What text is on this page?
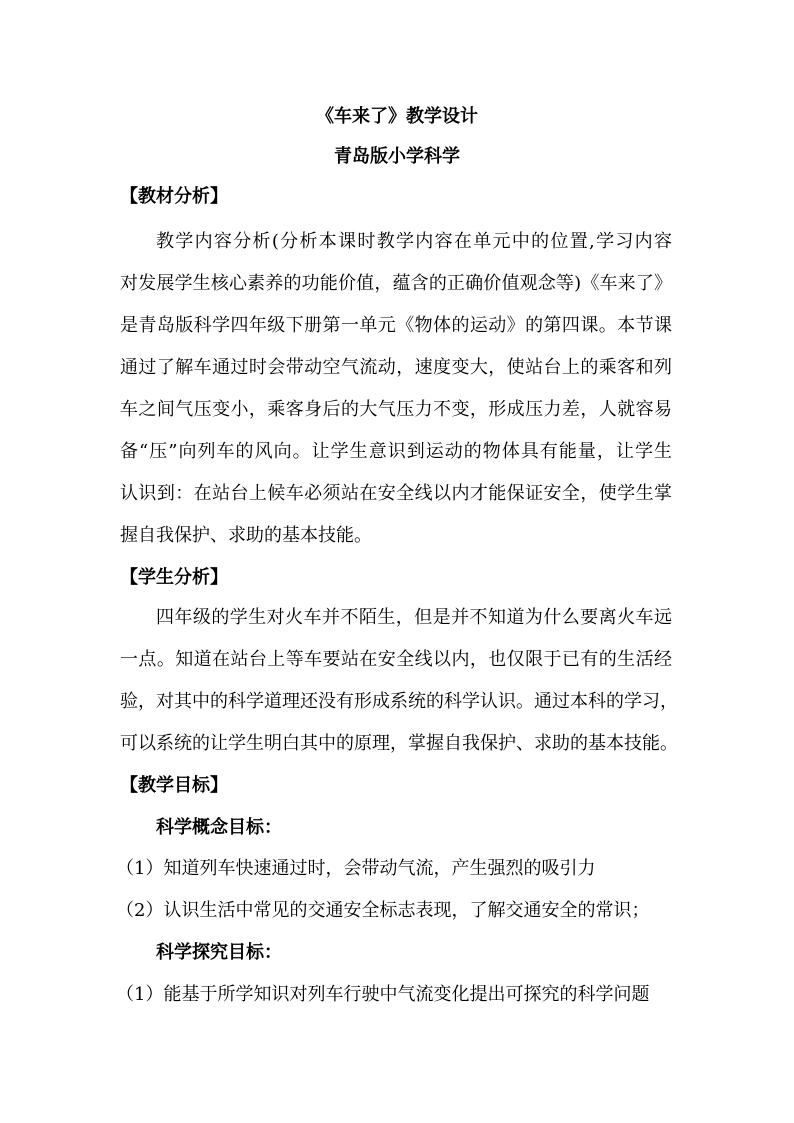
《车来了》教学设计

青岛版小学科学

【教材分析】

教学内容分析(分析本课时教学内容在单元中的位置,学习内容

对发展学生核心素养的功能价值，蕴含的正确价值观念等)《车来了》

是青岛版科学四年级下册第一单元《物体的运动》的第四课。本节课

通过了解车通过时会带动空气流动，速度变大，使站台上的乘客和列

车之间气压变小，乘客身后的大气压力不变，形成压力差，人就容易

备“压”向列车的风向。让学生意识到运动的物体具有能量，让学生

认识到：在站台上候车必须站在安全线以内才能保证安全，使学生掌

握自我保护、求助的基本技能。

【学生分析】

四年级的学生对火车并不陌生，但是并不知道为什么要离火车远

一点。知道在站台上等车要站在安全线以内，也仅限于已有的生活经

验，对其中的科学道理还没有形成系统的科学认识。通过本科的学习，

可以系统的让学生明白其中的原理，掌握自我保护、求助的基本技能。

【教学目标】

科学概念目标：

（1）知道列车快速通过时，会带动气流，产生强烈的吸引力

（2）认识生活中常见的交通安全标志表现，了解交通安全的常识；

科学探究目标：

（1）能基于所学知识对列车行驶中气流变化提出可探究的科学问题
